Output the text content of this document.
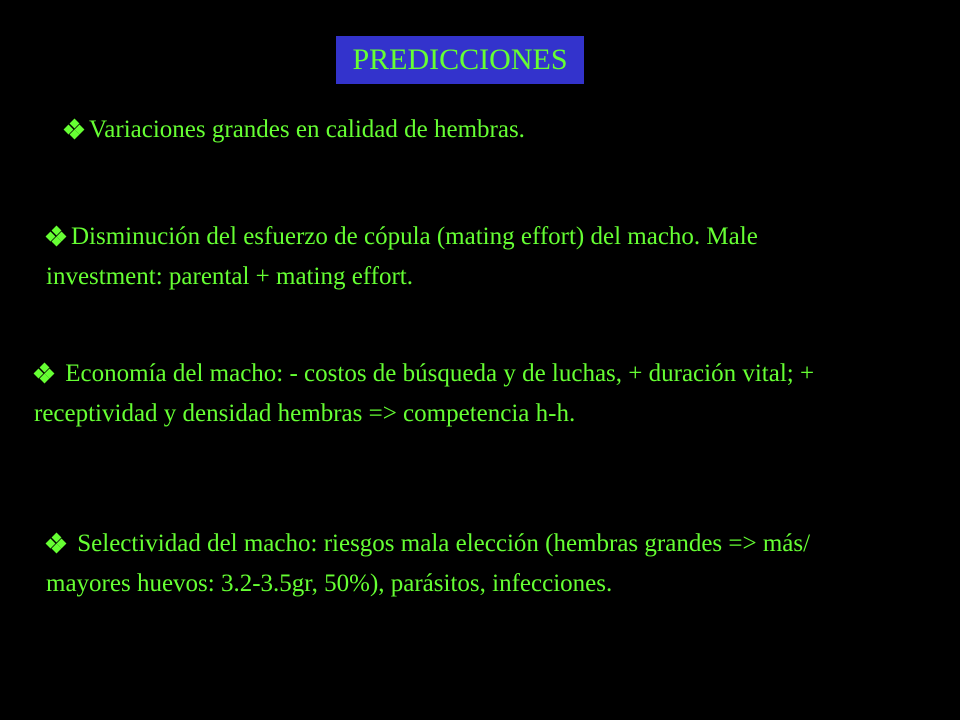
PREDICCIONES

Variaciones grandes en calidad de hembras.

Disminución del esfuerzo de cópula (mating effort) del macho. Male investment: parental + mating effort.

Economía del macho: - costos de búsqueda y de luchas, + duración vital; + receptividad y densidad hembras => competencia h-h.

Selectividad del macho: riesgos mala elección (hembras grandes => más/ mayores huevos: 3.2-3.5gr, 50%), parásitos, infecciones.
